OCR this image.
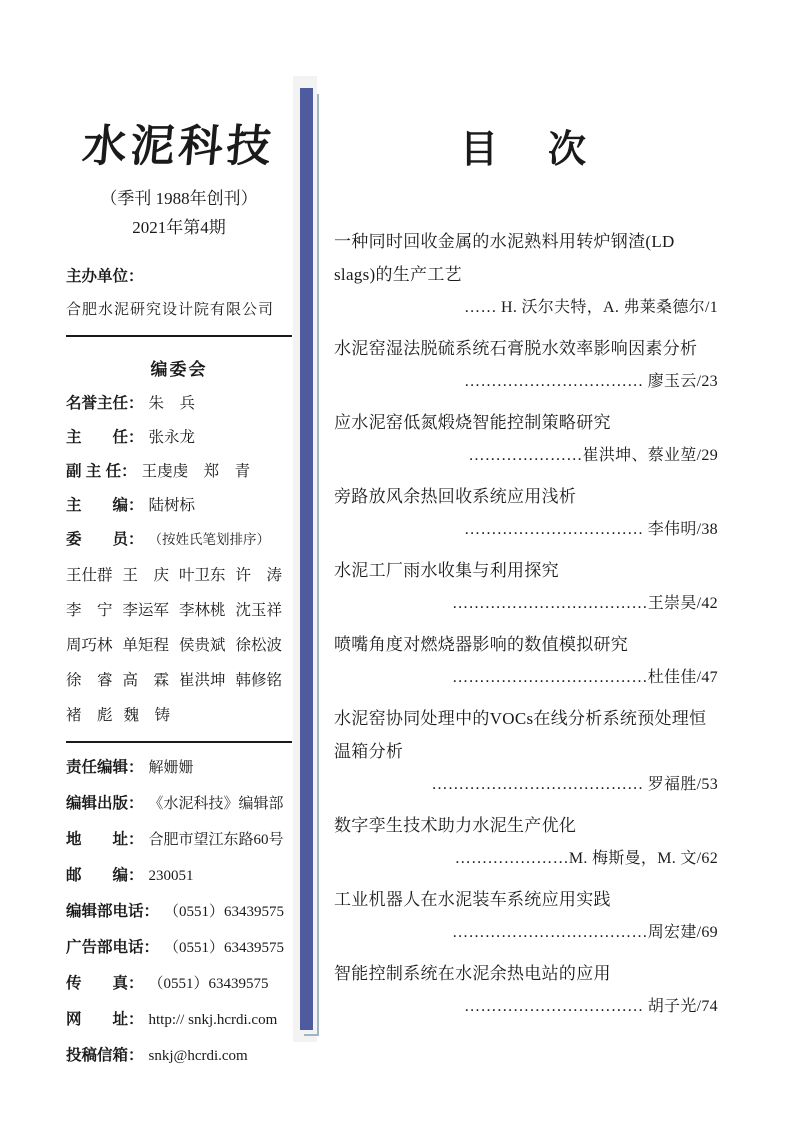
水泥科技
（季刊 1988年创刊）
2021年第4期
主办单位：
合肥水泥研究设计院有限公司
编委会
名誉主任： 朱　兵
主　　任： 张永龙
副 主 任： 王虔虔　郑　青
主　　编： 陆树标
委　　员： （按姓氏笔划排序）
王仕群 王　庆 叶卫东 许　涛
李　宁 李运军 李林桃 沈玉祥
周巧林 单矩程 侯贵斌 徐松波
徐　睿 高　霖 崔洪坤 韩修铭
褚　彪 魏　铸
责任编辑： 解姗姗
编辑出版： 《水泥科技》编辑部
地　　址： 合肥市望江东路60号
邮　　编： 230051
编辑部电话： （0551）63439575
广告部电话： （0551）63439575
传　　真： （0551）63439575
网　　址： http:// snkj.hcrdi.com
投稿信箱： snkj@hcrdi.com
目　次
一种同时回收金属的水泥熟料用转炉钢渣(LD slags)的生产工艺
…… H. 沃尔夫特，A. 弗莱桑德尔/1
水泥窑湿法脱硫系统石膏脱水效率影响因素分析
…………………………… 廖玉云/23
应水泥窑低氮煅烧智能控制策略研究
…………………崔洪坤、蔡业堃/29
旁路放风余热回收系统应用浅析
…………………………… 李伟明/38
水泥工厂雨水收集与利用探究
………………………………王崇昊/42
喷嘴角度对燃烧器影响的数值模拟研究
………………………………杜佳佳/47
水泥窑协同处理中的VOCs在线分析系统预处理恒温箱分析
………………………………… 罗福胜/53
数字孪生技术助力水泥生产优化
…………………M. 梅斯曼，M. 文/62
工业机器人在水泥装车系统应用实践
………………………………周宏建/69
智能控制系统在水泥余热电站的应用
…………………………… 胡子光/74
